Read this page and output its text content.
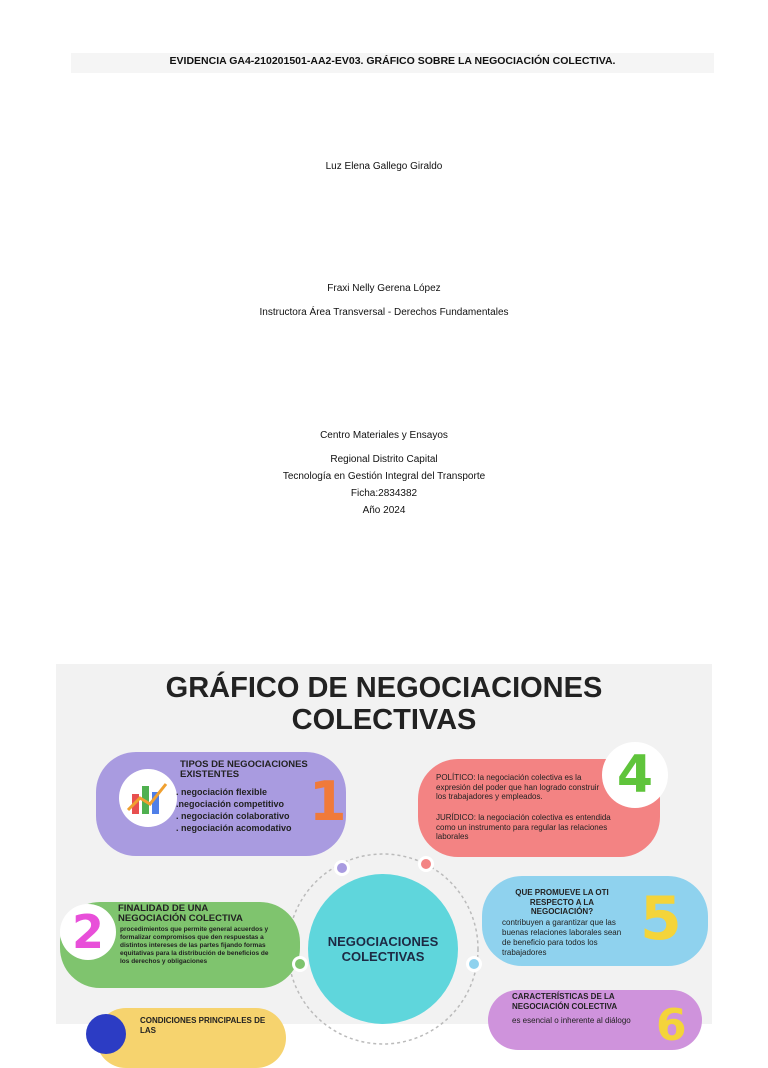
EVIDENCIA GA4-210201501-AA2-EV03. GRÁFICO SOBRE LA NEGOCIACIÓN COLECTIVA.
Luz Elena Gallego Giraldo
Fraxi Nelly Gerena López
Instructora Área Transversal - Derechos Fundamentales
Centro Materiales y Ensayos
Regional Distrito Capital
Tecnología en Gestión Integral del Transporte
Ficha:2834382
Año 2024
GRÁFICO DE NEGOCIACIONES
COLECTIVAS
TIPOS DE NEGOCIACIONES EXISTENTES
. negociación flexible
.negociación competitivo
. negociación colaborativo
. negociación acomodativo 1	POLÍTICO: la negociación colectiva es la expresión del poder que han logrado construir los trabajadores y empleados.
JURÍDICO: la negociación colectiva es entendida como un instrumento para regular las relaciones laborales
4
FINALIDAD DE UNA NEGOCIACIÓN COLECTIVA
procedimientos que permite general acuerdos y formalizar compromisos que den respuestas a distintos intereses de las partes fijando formas equitativas para la distribución de beneficios de los derechos y obligaciones
2	NEGOCIACIONES
COLECTIVAS
QUE PROMUEVE LA OTI RESPECTO A LA NEGOCIACIÓN?
contribuyen a garantizar que las buenas relaciones laborales sean de beneficio para todos los trabajadores	5
CONDICIONES PRINCIPALES DE LAS
CARACTERÍSTICAS DE LA NEGOCIACIÓN COLECTIVA
es esencial o inherente al diálogo 6
